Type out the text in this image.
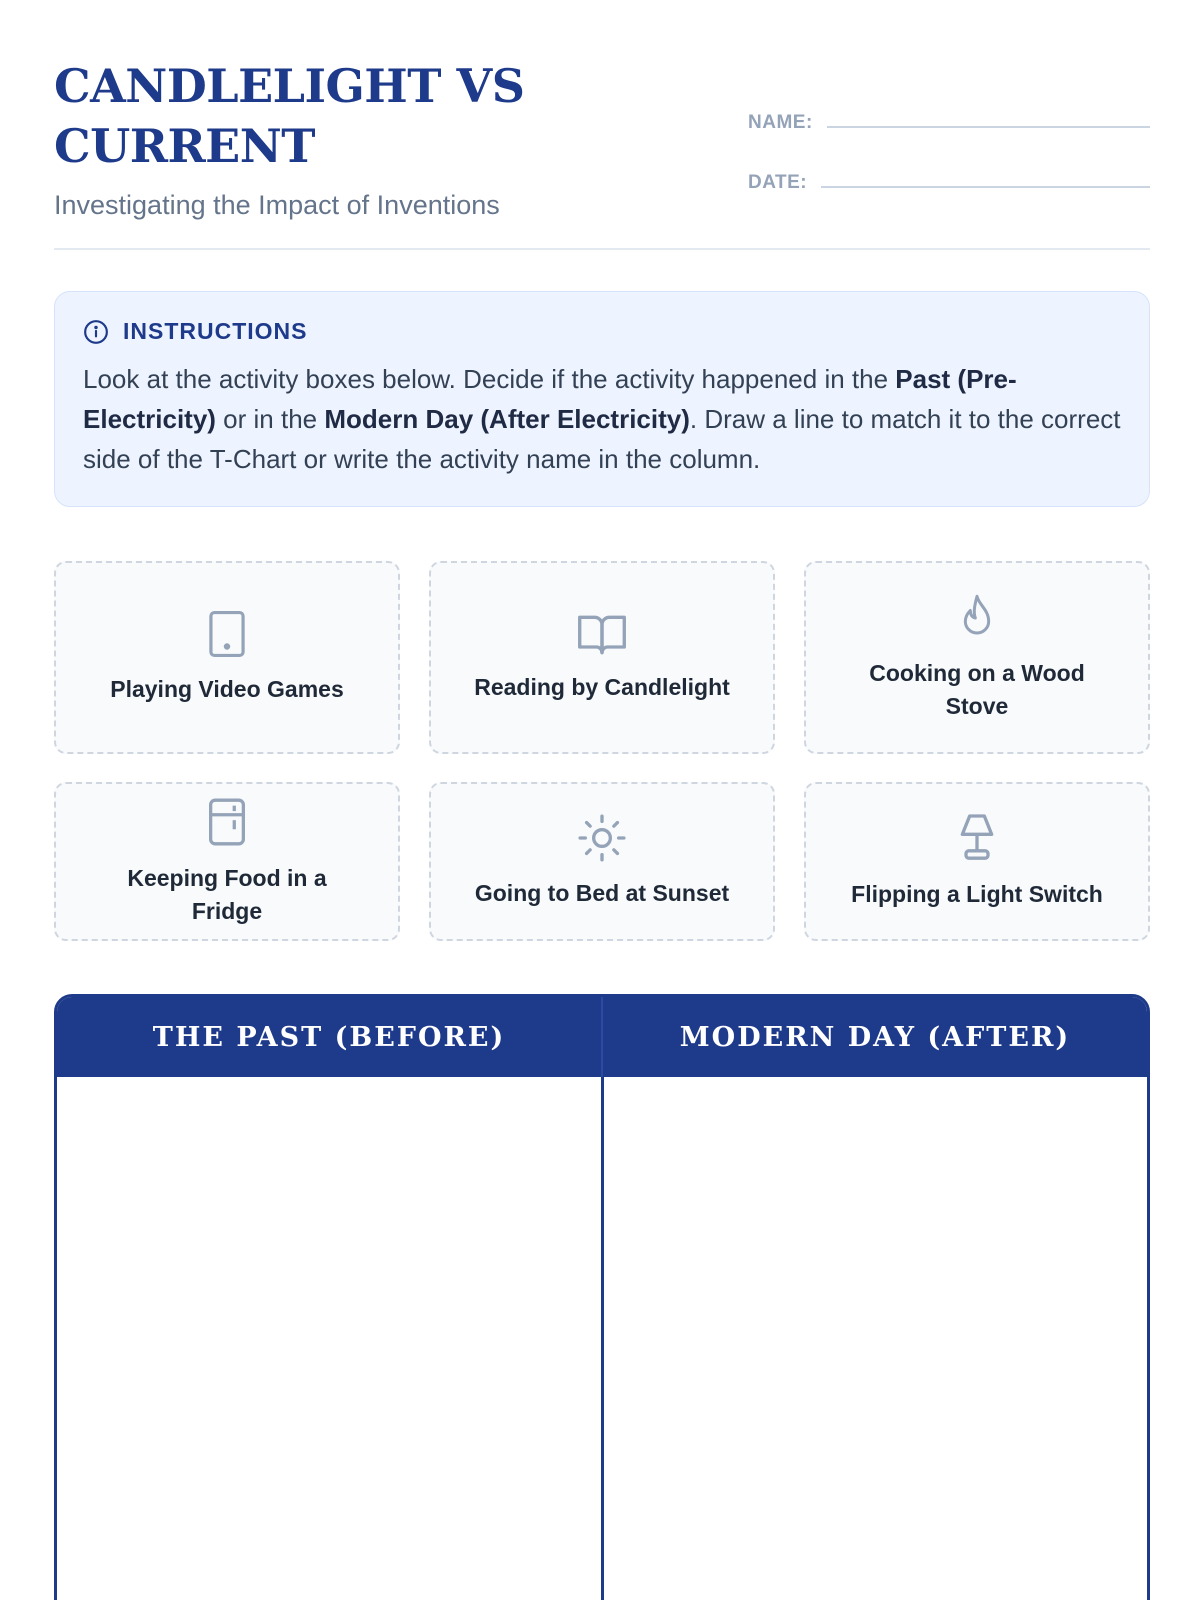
CANDLELIGHT VS CURRENT
Investigating the Impact of Inventions
NAME:
DATE:
INSTRUCTIONS

Look at the activity boxes below. Decide if the activity happened in the Past (Pre-Electricity) or in the Modern Day (After Electricity). Draw a line to match it to the correct side of the T-Chart or write the activity name in the column.

Playing Video Games	Reading by Candlelight
Cooking on a Wood Stove
Keeping Food in a Fridge
Going to Bed at Sunset	Flipping a Light Switch
THE PAST (BEFORE)	MODERN DAY (AFTER)
